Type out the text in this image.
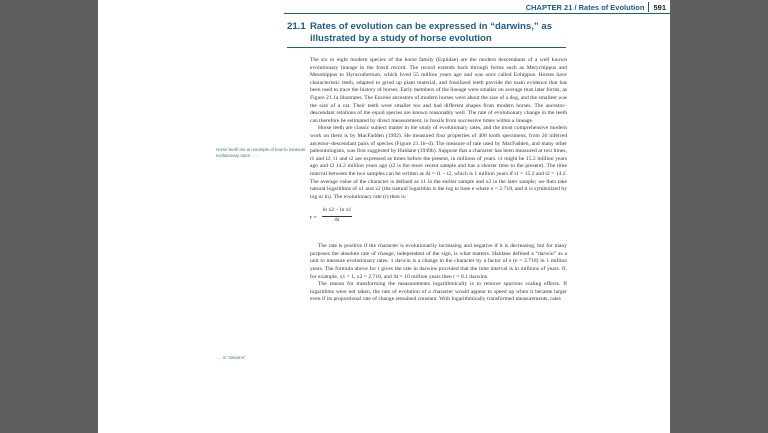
CHAPTER 21 / Rates of Evolution 591
21.1 Rates of evolution can be expressed in “darwins,” as
illustrated by a study of horse evolution
Horse teeth are an example of how to measure evolutionary rates . . .
. . . in “darwins”

The six to eight modern species of the horse family (Equidae) are the modern descendants of a well known evolutionary lineage in the fossil record. The record extends back through forms such as Merychippus and Mesohippus to Hyracotherium, which lived 55 million years ago and was once called Eohippus. Horses have characteristic teeth, adapted to grind up plant material, and fossilized teeth provide the main evidence that has been used to trace the history of horses. Early members of the lineage were smaller on average than later forms, as Figure 21.1a illustrates. The Eocene ancestors of modern horses were about the size of a dog, and the smallest was the size of a cat. Their teeth were smaller too and had different shapes from modern horses. The ancestor–descendant relations of the equid species are known reasonably well. The rate of evolutionary change in the teeth can therefore be estimated by direct measurement, in fossils from successive times within a lineage.

Horse teeth are classic subject matter in the study of evolutionary rates, and the most comprehensive modern work on them is by MacFadden (1992). He measured four properties of 408 tooth specimens, from 26 inferred ancestor–descendant pairs of species (Figure 21.1b–d). The measure of rate used by MacFadden, and many other paleontologists, was first suggested by Haldane (1949b). Suppose that a character has been measured at two times, t1 and t2; t1 and t2 are expressed as times before the present, in millions of years. t1 might be 15.2 million years ago and t2 14.2 million years ago (t2 is the more recent sample and has a shorter time to the present). The time interval between the two samples can be written as Δt = t1 − t2, which is 1 million years if t1 = 15.2 and t2 = 14.2. The average value of the character is defined as x1 in the earlier sample and x2 in the later sample; we then take natural logarithms of x1 and x2 (the natural logarithm is the log to base e where e = 2.718, and it is symbolized by log or ln). The evolutionary rate (r) then is:

r =
ln x2 − ln x1
Δt

The rate is positive if the character is evolutionarily increasing and negative if it is decreasing, but for many purposes the absolute rate of change, independent of the sign, is what matters. Haldane defined a “darwin” as a unit to measure evolutionary rates: 1 darwin is a change in the character by a factor of e (e = 2.718) in 1 million years. The formula above for r gives the rate in darwins provided that the time interval is in millions of years. If, for example, x1 = 1, x2 = 2.718, and Δt = 10 million years then r = 0.1 darwins.

The reason for transforming the measurements logarithmically is to remove spurious scaling effects. If logarithms were not taken, the rate of evolution of a character would appear to speed up when it became larger even if its proportional rate of change remained constant. With logarithmically transformed measurements, rates
